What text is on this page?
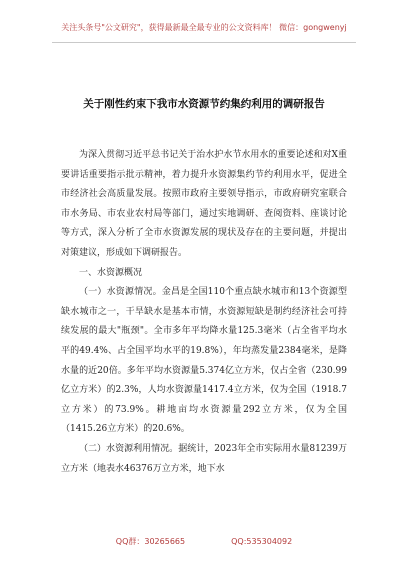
关注头条号"公文研究"，获得最新最全最专业的公文资料库！ 微信：gongwenyj
关于刚性约束下我市水资源节约集约利用的调研报告

为深入贯彻习近平总书记关于治水护水节水用水的重要论述和对X重要讲话重要指示批示精神，着力提升水资源集约节约利用水平，促进全市经济社会高质量发展。按照市政府主要领导指示，市政府研究室联合市水务局、市农业农村局等部门，通过实地调研、查阅资料、座谈讨论等方式，深入分析了全市水资源发展的现状及存在的主要问题，并提出对策建议，形成如下调研报告。

一、水资源概况

（一）水资源情况。金昌是全国110个重点缺水城市和13个资源型缺水城市之一，干旱缺水是基本市情，水资源短缺是制约经济社会可持续发展的最大"瓶颈"。全市多年平均降水量125.3毫米（占全省平均水平的49.4%、占全国平均水平的19.8%），年均蒸发量2384毫米，是降水量的近20倍。多年平均水资源量5.374亿立方米，仅占全省（230.99亿立方米）的2.3%，人均水资源量1417.4立方米，仅为全国（1918.7立方米）的73.9%。耕地亩均水资源量292立方米，仅为全国（1415.26立方米）的20.6%。

（二）水资源利用情况。据统计，2023年全市实际用水量81239万立方米（地表水46376万立方米，地下水

QQ群：30265665	QQ:535304092
